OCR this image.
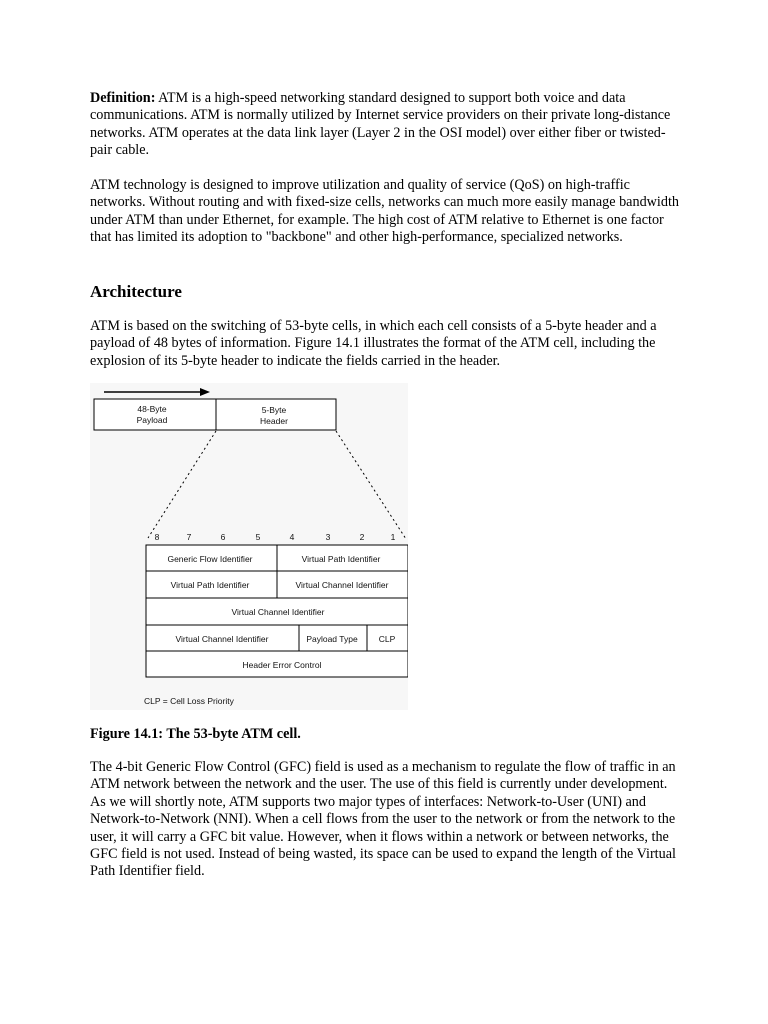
Definition: ATM is a high-speed networking standard designed to support both voice and data communications. ATM is normally utilized by Internet service providers on their private long-distance networks. ATM operates at the data link layer (Layer 2 in the OSI model) over either fiber or twisted-pair cable.

ATM technology is designed to improve utilization and quality of service (QoS) on high-traffic networks. Without routing and with fixed-size cells, networks can much more easily manage bandwidth under ATM than under Ethernet, for example. The high cost of ATM relative to Ethernet is one factor that has limited its adoption to "backbone" and other high-performance, specialized networks.

Architecture

ATM is based on the switching of 53-byte cells, in which each cell consists of a 5-byte header and a payload of 48 bytes of information. Figure 14.1 illustrates the format of the ATM cell, including the explosion of its 5-byte header to indicate the fields carried in the header.

48-Byte
Payload
5-Byte
Header
8	7	6	5	4	3	2	1
Generic Flow Identifier	Virtual Path Identifier
Virtual Path Identifier	Virtual Channel Identifier
Virtual Channel Identifier
Virtual Channel Identifier	Payload Type CLP
Header Error Control
CLP = Cell Loss Priority

Figure 14.1: The 53-byte ATM cell.

The 4-bit Generic Flow Control (GFC) field is used as a mechanism to regulate the flow of traffic in an ATM network between the network and the user. The use of this field is currently under development. As we will shortly note, ATM supports two major types of interfaces: Network-to-User (UNI) and Network-to-Network (NNI). When a cell flows from the user to the network or from the network to the user, it will carry a GFC bit value. However, when it flows within a network or between networks, the GFC field is not used. Instead of being wasted, its space can be used to expand the length of the Virtual Path Identifier field.
